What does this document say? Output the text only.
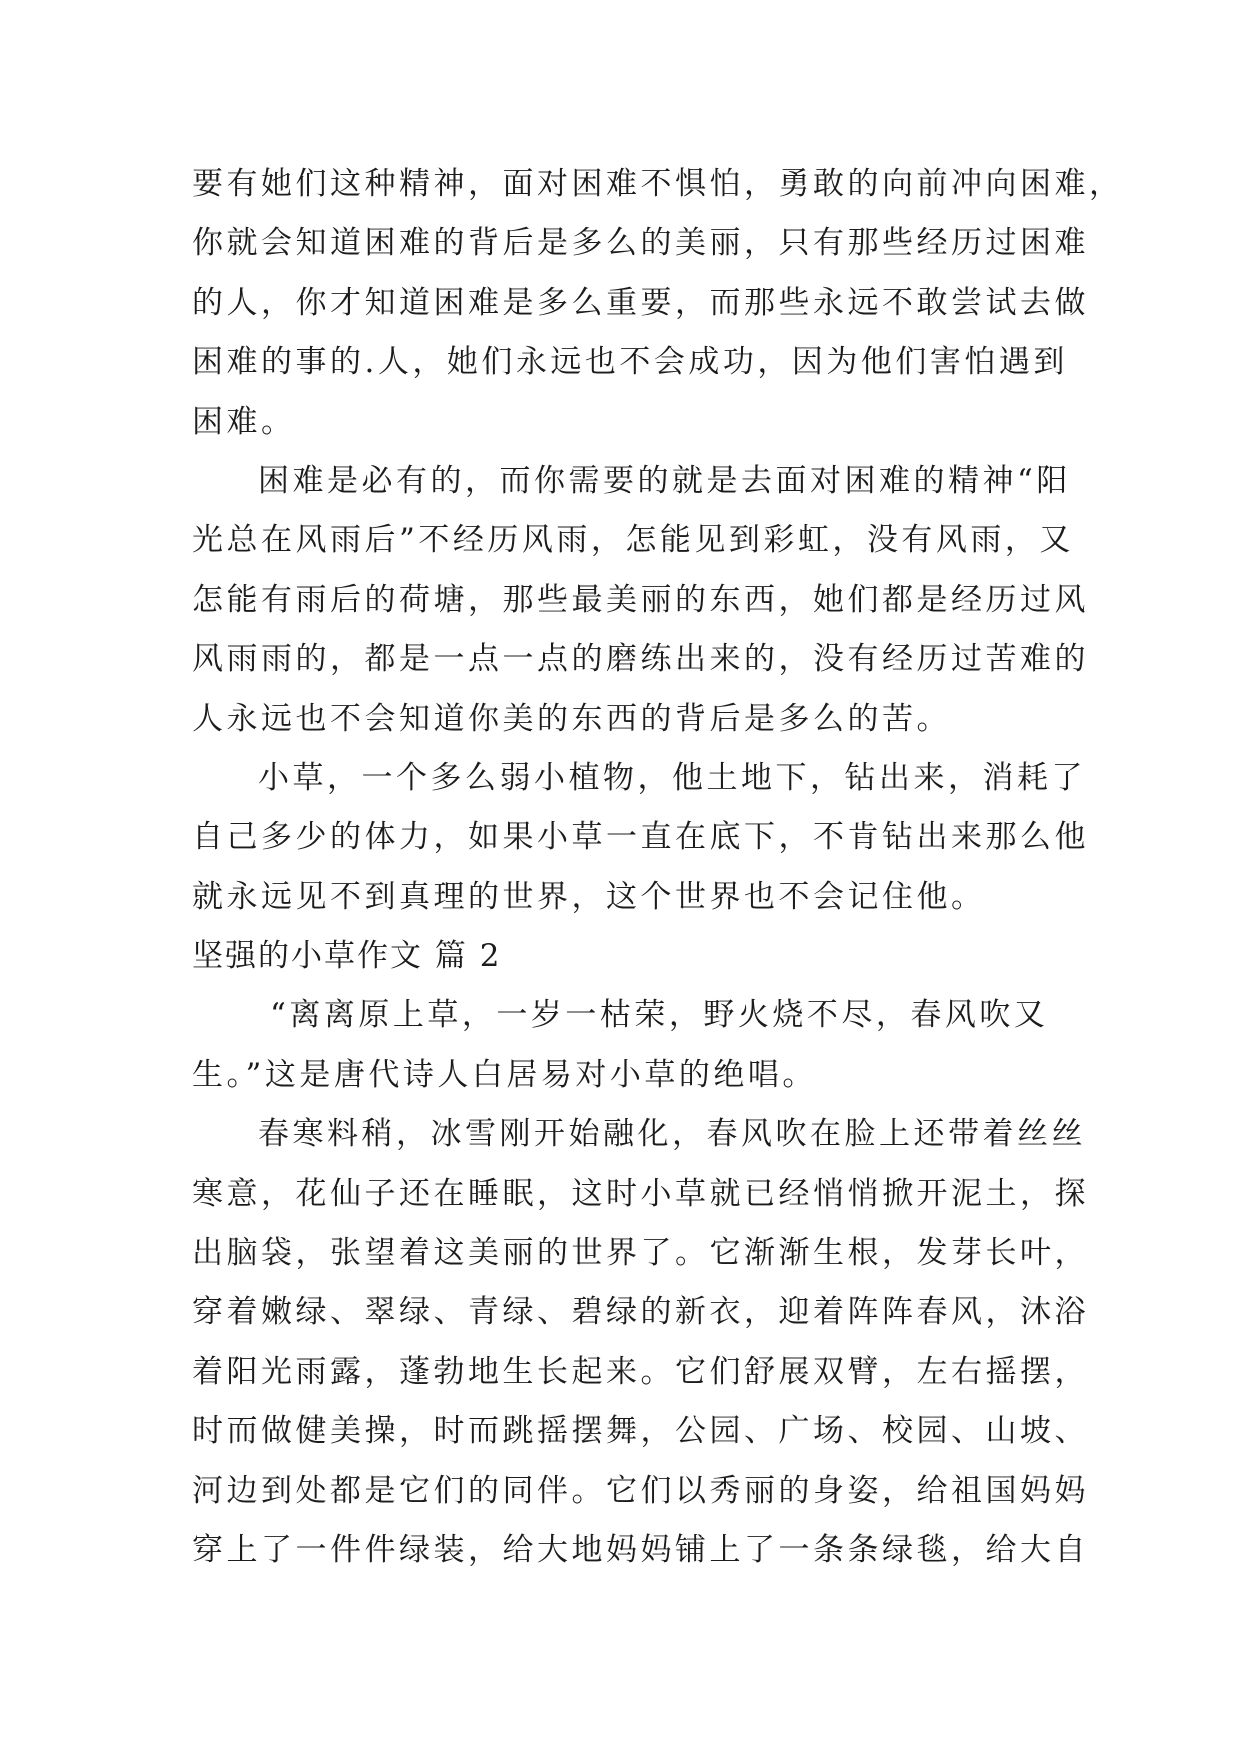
要有她们这种精神，面对困难不惧怕，勇敢的向前冲向困难，
你就会知道困难的背后是多么的美丽，只有那些经历过困难
的人，你才知道困难是多么重要，而那些永远不敢尝试去做
困难的事的.人，她们永远也不会成功，因为他们害怕遇到
困难。
困难是必有的，而你需要的就是去面对困难的精神“阳
光总在风雨后”不经历风雨，怎能见到彩虹，没有风雨，又
怎能有雨后的荷塘，那些最美丽的东西，她们都是经历过风
风雨雨的，都是一点一点的磨练出来的，没有经历过苦难的
人永远也不会知道你美的东西的背后是多么的苦。
小草，一个多么弱小植物，他土地下，钻出来，消耗了
自己多少的体力，如果小草一直在底下，不肯钻出来那么他
就永远见不到真理的世界，这个世界也不会记住他。
坚强的小草作文 篇 2
“离离原上草，一岁一枯荣，野火烧不尽，春风吹又
生。”这是唐代诗人白居易对小草的绝唱。
春寒料稍，冰雪刚开始融化，春风吹在脸上还带着丝丝
寒意，花仙子还在睡眠，这时小草就已经悄悄掀开泥土，探
出脑袋，张望着这美丽的世界了。它渐渐生根，发芽长叶，
穿着嫩绿、翠绿、青绿、碧绿的新衣，迎着阵阵春风，沐浴
着阳光雨露，蓬勃地生长起来。它们舒展双臂，左右摇摆，
时而做健美操，时而跳摇摆舞，公园、广场、校园、山坡、
河边到处都是它们的同伴。它们以秀丽的身姿，给祖国妈妈
穿上了一件件绿装，给大地妈妈铺上了一条条绿毯，给大自
